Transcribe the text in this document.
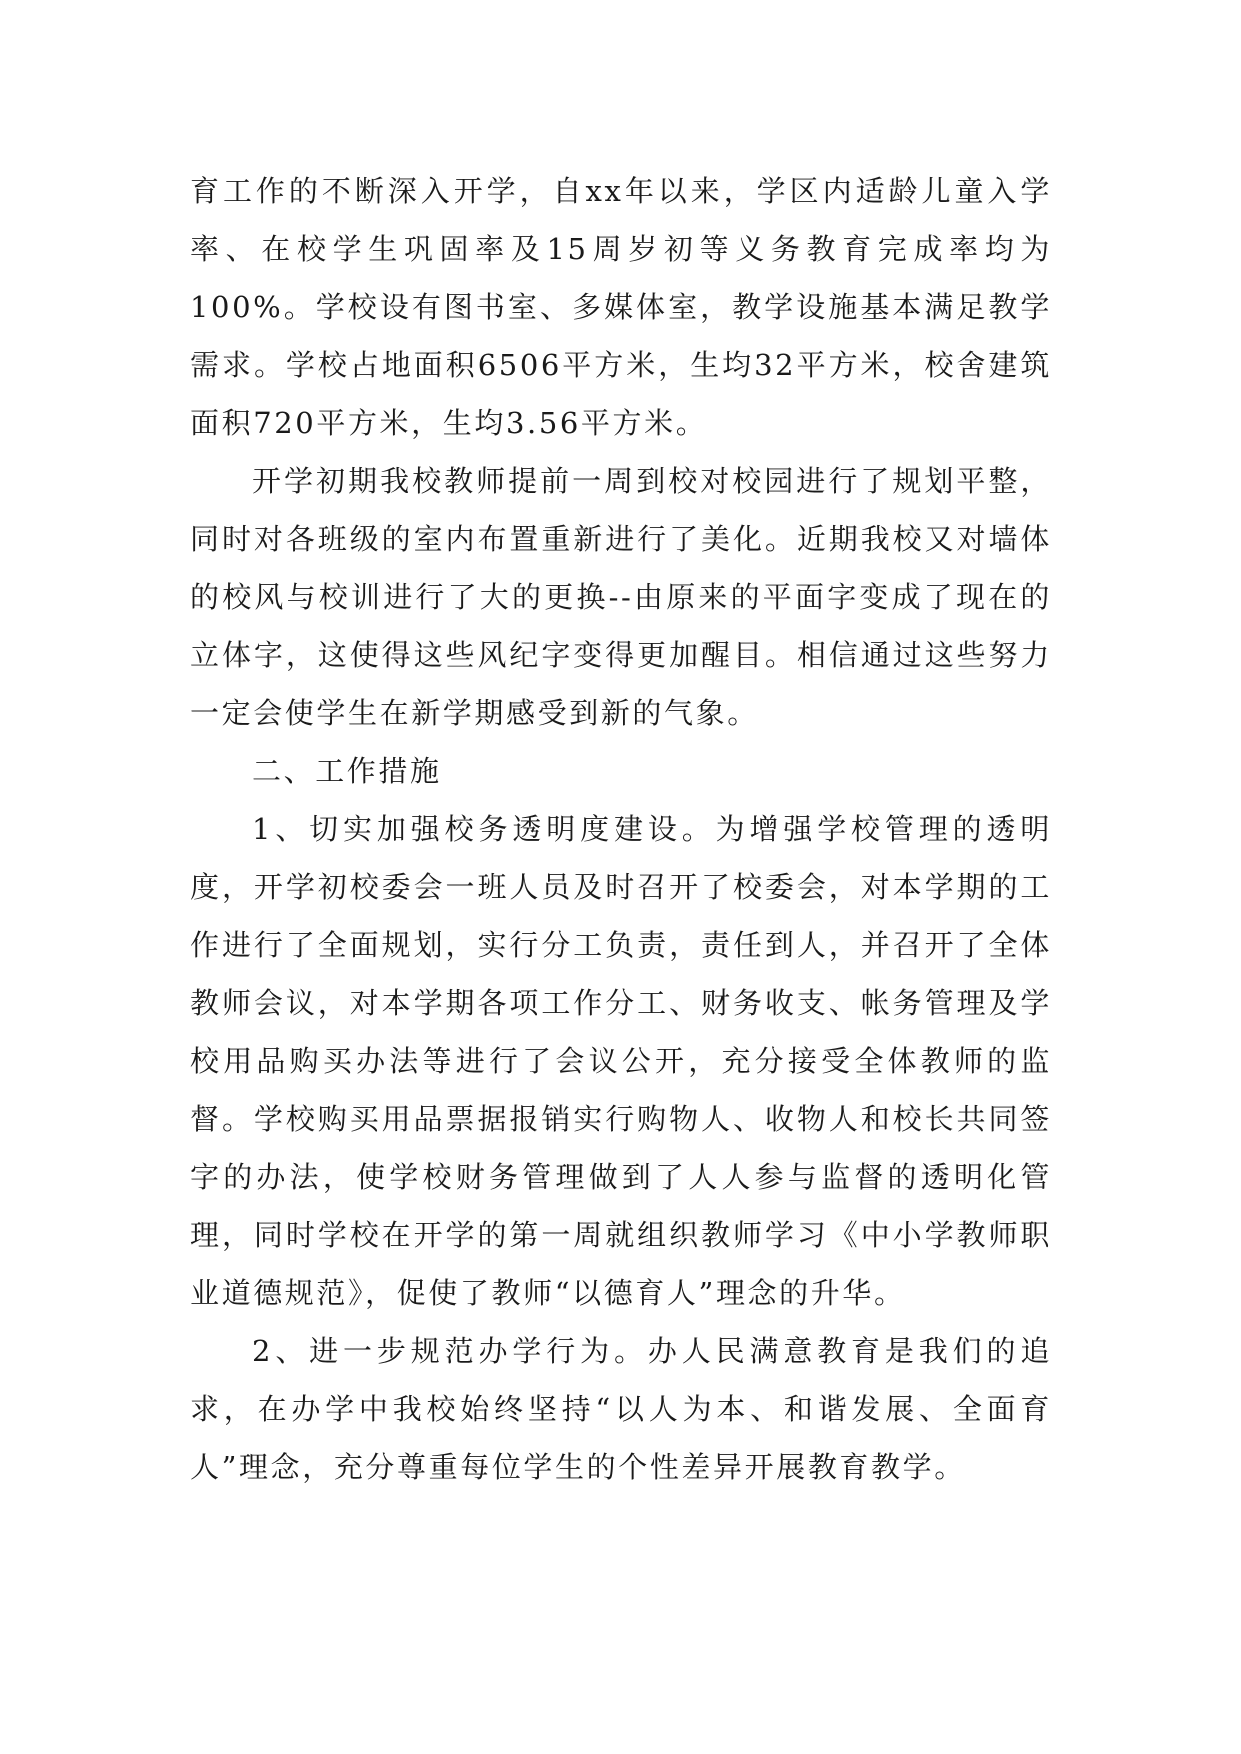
育工作的不断深入开学，自xx年以来，学区内适龄儿童入学率、在校学生巩固率及15周岁初等义务教育完成率均为100%。学校设有图书室、多媒体室，教学设施基本满足教学需求。学校占地面积6506平方米，生均32平方米，校舍建筑面积720平方米，生均3.56平方米。

开学初期我校教师提前一周到校对校园进行了规划平整，同时对各班级的室内布置重新进行了美化。近期我校又对墙体的校风与校训进行了大的更换--由原来的平面字变成了现在的立体字，这使得这些风纪字变得更加醒目。相信通过这些努力一定会使学生在新学期感受到新的气象。

二、工作措施

1、切实加强校务透明度建设。为增强学校管理的透明度，开学初校委会一班人员及时召开了校委会，对本学期的工作进行了全面规划，实行分工负责，责任到人，并召开了全体教师会议，对本学期各项工作分工、财务收支、帐务管理及学校用品购买办法等进行了会议公开，充分接受全体教师的监督。学校购买用品票据报销实行购物人、收物人和校长共同签字的办法，使学校财务管理做到了人人参与监督的透明化管理，同时学校在开学的第一周就组织教师学习《中小学教师职业道德规范》，促使了教师“以德育人”理念的升华。

2、进一步规范办学行为。办人民满意教育是我们的追求，在办学中我校始终坚持“以人为本、和谐发展、全面育人”理念，充分尊重每位学生的个性差异开展教育教学。
